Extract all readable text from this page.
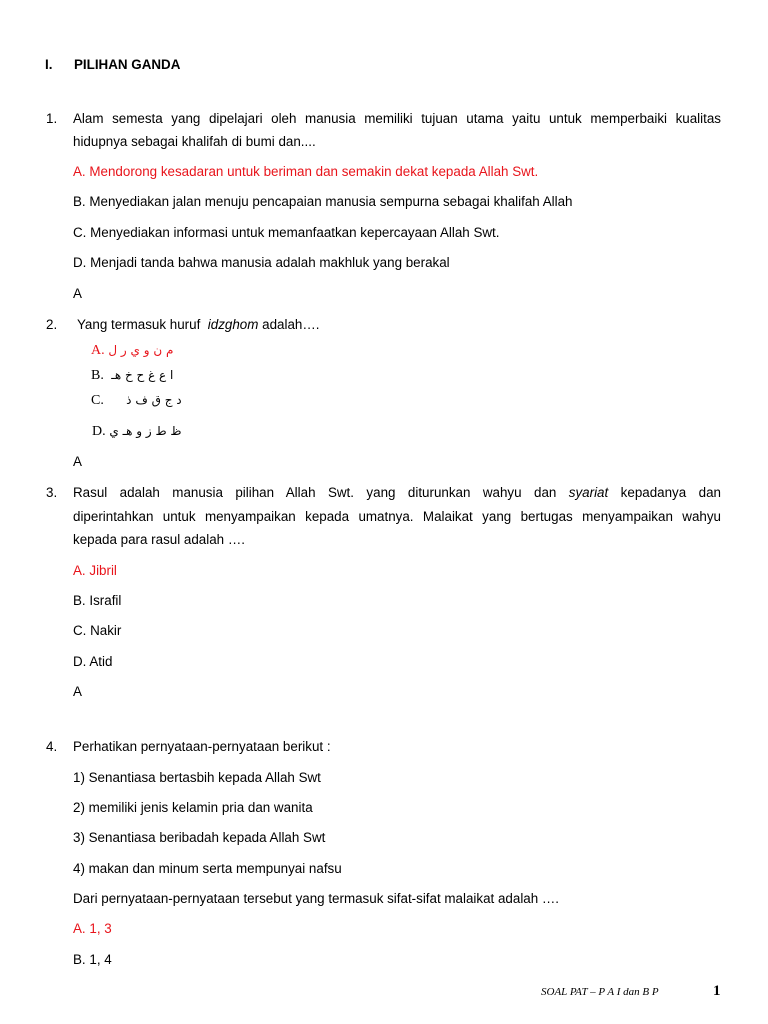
I. PILIHAN GANDA
1. Alam semesta yang dipelajari oleh manusia memiliki tujuan utama yaitu untuk memperbaiki kualitas
hidupnya sebagai khalifah di bumi dan....
A. Mendorong kesadaran untuk beriman dan semakin dekat kepada Allah Swt.
B. Menyediakan jalan menuju pencapaian manusia sempurna sebagai khalifah Allah
C. Menyediakan informasi untuk memanfaatkan kepercayaan Allah Swt.
D. Menjadi tanda bahwa manusia adalah makhluk yang berakal
A
2. Yang termasuk huruf idzghom adalah….
A. م ن و ي ر ل
B. ا ع غ ح خ هـ
C. د ج ق ف ذ
D. ظ ط ز و هـ ي
A
3. Rasul adalah manusia pilihan Allah Swt. yang diturunkan wahyu dan syariat kepadanya dan
diperintahkan untuk menyampaikan kepada umatnya. Malaikat yang bertugas menyampaikan wahyu
kepada para rasul adalah ….
A. Jibril
B. Israfil
C. Nakir
D. Atid
A
4. Perhatikan pernyataan-pernyataan berikut :
1) Senantiasa bertasbih kepada Allah Swt
2) memiliki jenis kelamin pria dan wanita
3) Senantiasa beribadah kepada Allah Swt
4) makan dan minum serta mempunyai nafsu
Dari pernyataan-pernyataan tersebut yang termasuk sifat-sifat malaikat adalah ….
A. 1, 3
B. 1, 4
SOAL PAT – P A I dan B P	1
